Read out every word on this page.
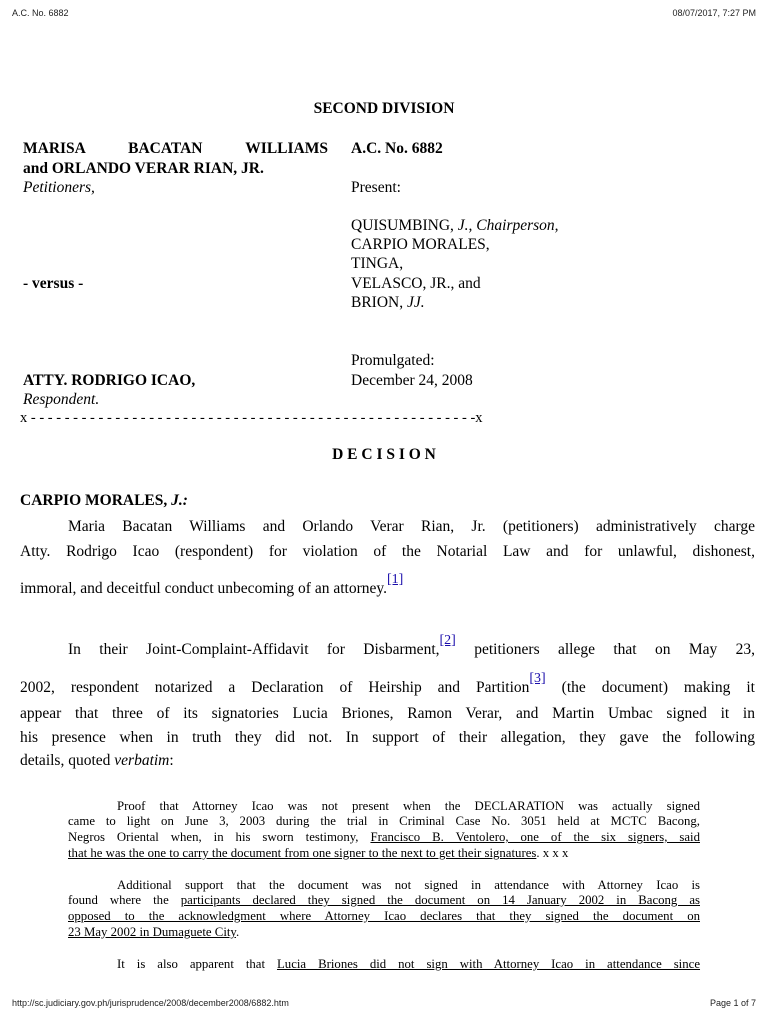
A.C. No. 6882	08/07/2017, 7:27 PM
SECOND DIVISION
MARISA   BACATAN   WILLIAMS
and ORLANDO VERAR RIAN, JR.
Petitioners,
- versus -
ATTY. RODRIGO ICAO,
Respondent.
A.C. No. 6882
Present:
QUISUMBING, J., Chairperson,
CARPIO MORALES,
TINGA,
VELASCO, JR., and
BRION, JJ.
Promulgated:
December 24, 2008
x - - - - - - - - - - - - - - - - - - - - - - - - - - - - - - - - - - - - - - - - - - - - - - - - - - - - -x
D E C I S I O N
CARPIO MORALES, J.:
Maria Bacatan Williams and Orlando Verar Rian, Jr. (petitioners) administratively charge
Atty. Rodrigo Icao (respondent) for violation of the Notarial Law and for unlawful, dishonest,
immoral, and deceitful conduct unbecoming of an attorney.[1]
In their Joint-Complaint-Affidavit for Disbarment,[2] petitioners allege that on May 23,
2002, respondent notarized a Declaration of Heirship and Partition[3] (the document) making it
appear that three of its signatories Lucia Briones, Ramon Verar, and Martin Umbac signed it in
his presence when in truth they did not. In support of their allegation, they gave the following
details, quoted verbatim:
Proof that Attorney Icao was not present when the DECLARATION was actually signed
came to light on June 3, 2003 during the trial in Criminal Case No. 3051 held at MCTC Bacong,
Negros Oriental when, in his sworn testimony, Francisco B. Ventolero, one of the six signers, said
that he was the one to carry the document from one signer to the next to get their signatures. x x x
Additional support that the document was not signed in attendance with Attorney Icao is
found where the participants declared they signed the document on 14 January 2002 in Bacong as
opposed to the acknowledgment where Attorney Icao declares that they signed the document on
23 May 2002 in Dumaguete City.
It is also apparent that Lucia Briones did not sign with Attorney Icao in attendance since
http://sc.judiciary.gov.ph/jurisprudence/2008/december2008/6882.htm	Page 1 of 7
